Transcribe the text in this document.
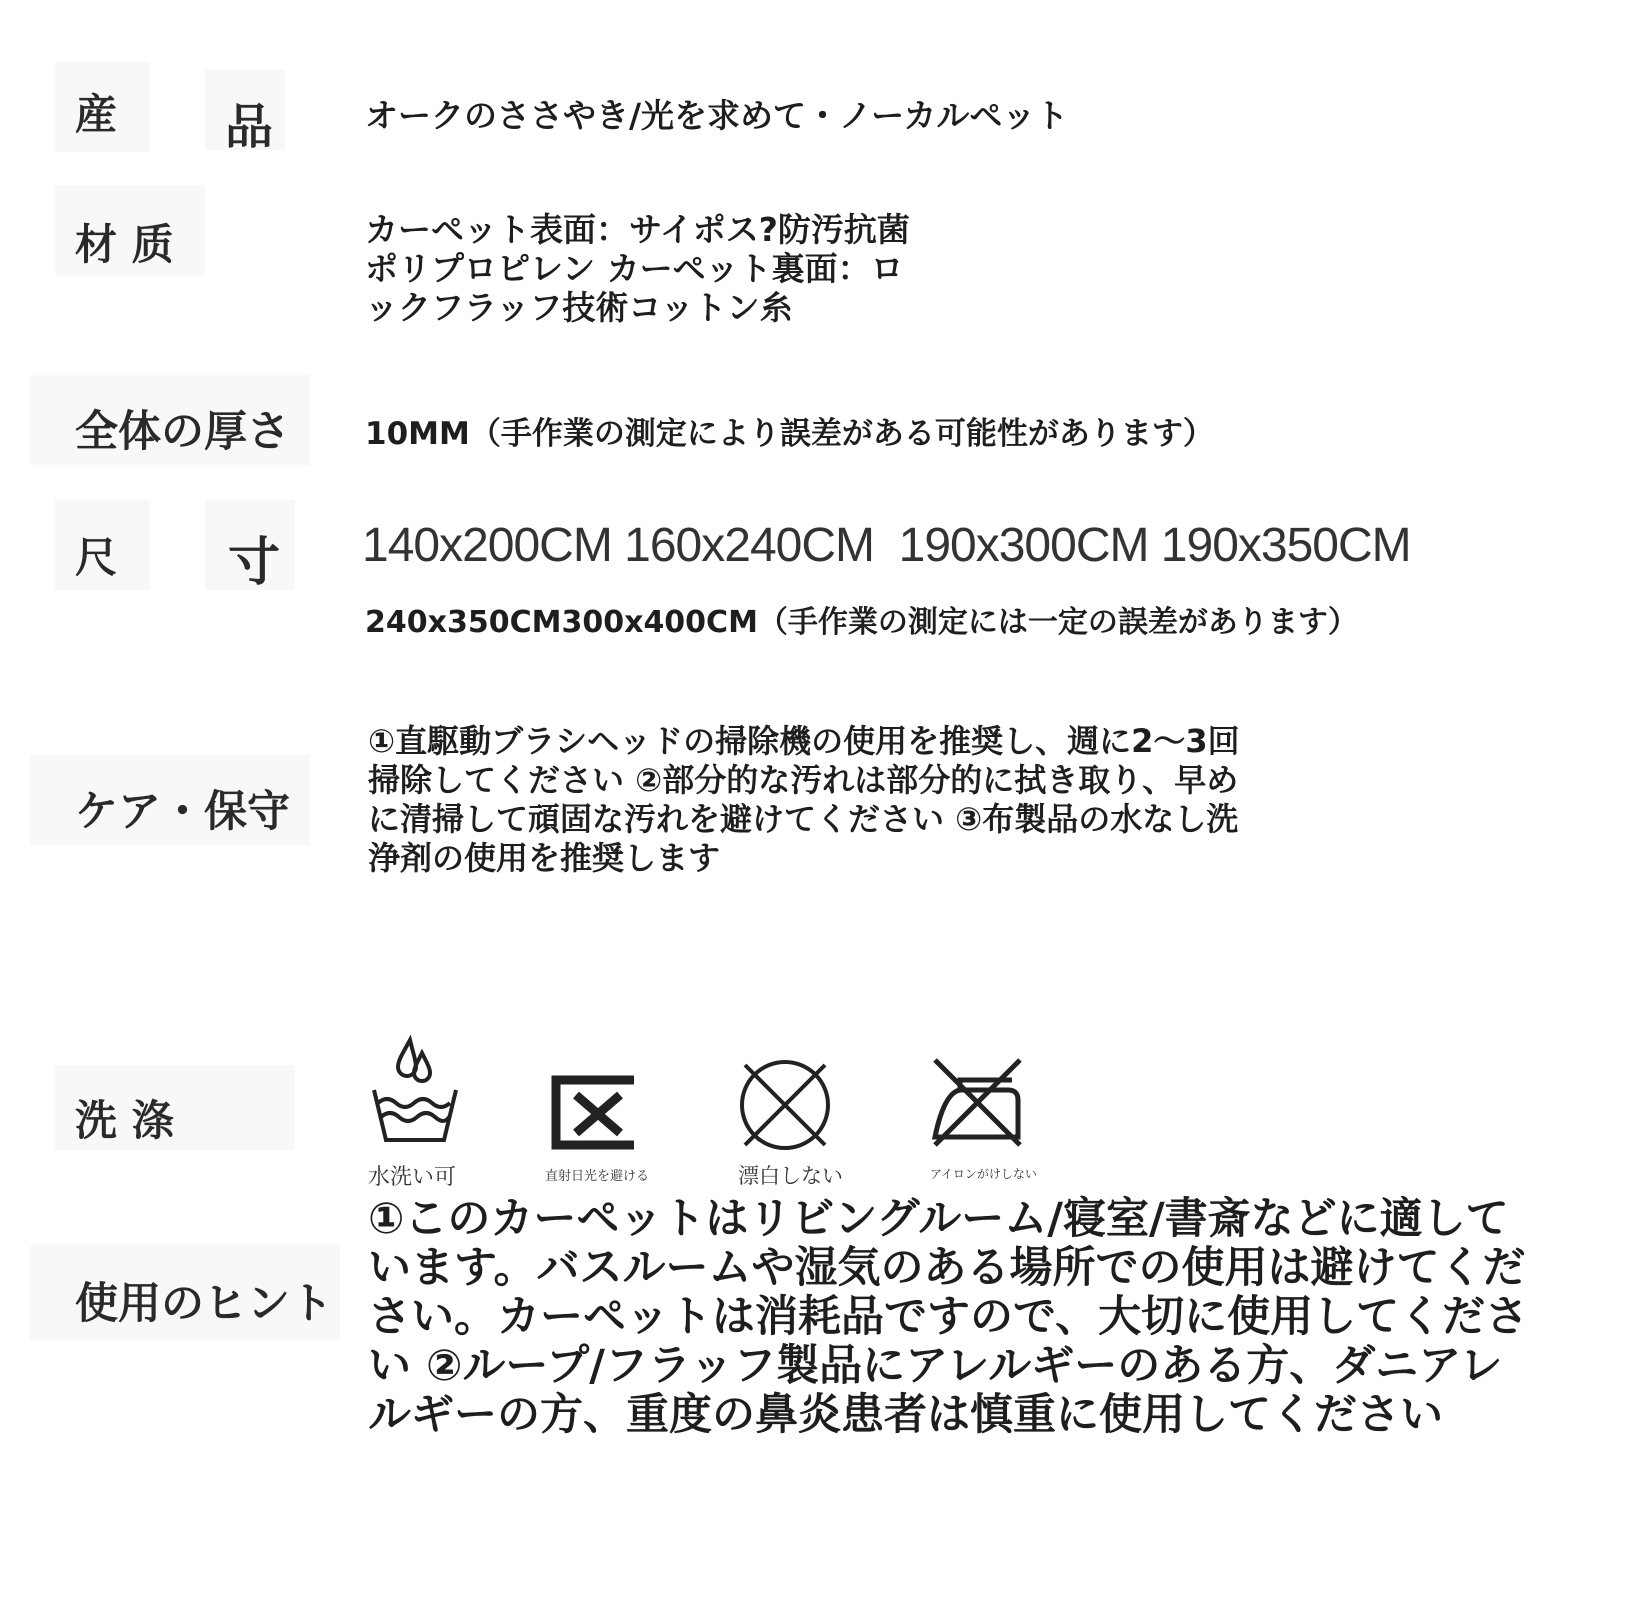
産 品	オークのささやき/光を求めて・ノーカルペット
材 质	カーペット表面：サイポス?防汚抗菌
ポリプロピレン カーペット裏面：ロ
ックフラッフ技術コットン糸
全体の厚さ 10MM（手作業の測定により誤差がある可能性があります）
尺 寸 140x200CM 160x240CM  190x300CM 190x350CM
240x350CM300x400CM（手作業の測定には一定の誤差があります）
ケア・保守
①直駆動ブラシヘッドの掃除機の使用を推奨し、週に2～3回
掃除してください ②部分的な汚れは部分的に拭き取り、早め
に清掃して頑固な汚れを避けてください ③布製品の水なし洗
浄剤の使用を推奨します
洗 涤
水洗い可	直射日光を避ける	漂白しない	アイロンがけしない
使用のヒント
①このカーペットはリビングルーム/寝室/書斎などに適して
います。バスルームや湿気のある場所での使用は避けてくだ
さい。カーペットは消耗品ですので、大切に使用してくださ
い ②ループ/フラッフ製品にアレルギーのある方、ダニアレ
ルギーの方、重度の鼻炎患者は慎重に使用してください
